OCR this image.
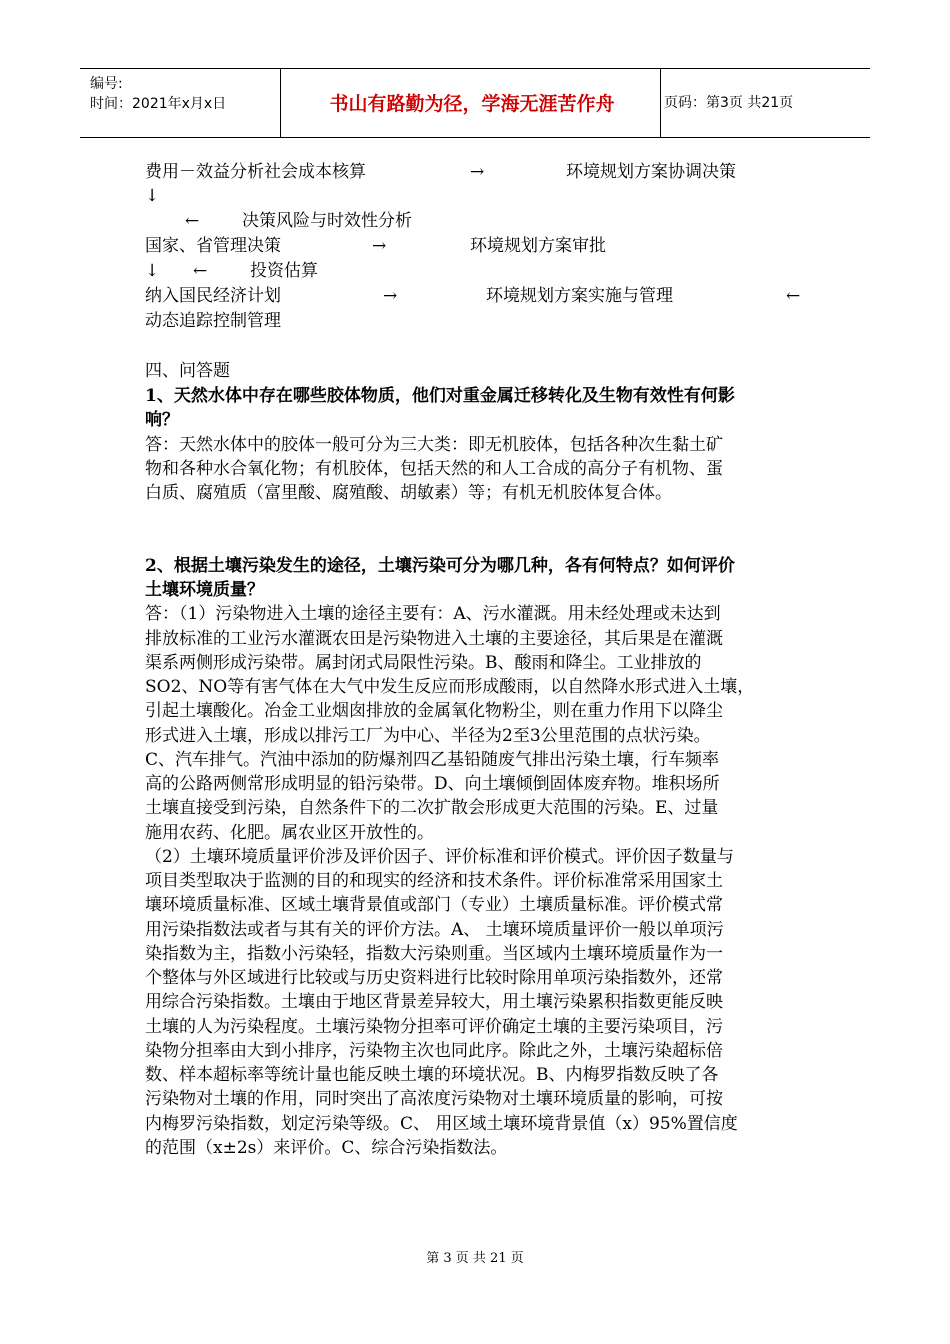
编号:
时间：2021年x月x日	书山有路勤为径，学海无涯苦作舟	页码：第3页 共21页
费用－效益分析社会成本核算	→	环境规划方案协调决策
↓
←	决策风险与时效性分析
国家、省管理决策	→	环境规划方案审批
↓ ←	投资估算
纳入国民经济计划	→	环境规划方案实施与管理	←
动态追踪控制管理
四、问答题
1、天然水体中存在哪些胶体物质，他们对重金属迁移转化及生物有效性有何影
响？
答：天然水体中的胶体一般可分为三大类：即无机胶体，包括各种次生黏土矿
物和各种水合氧化物；有机胶体，包括天然的和人工合成的高分子有机物、蛋
白质、腐殖质（富里酸、腐殖酸、胡敏素）等；有机无机胶体复合体。
2、根据土壤污染发生的途径，土壤污染可分为哪几种，各有何特点？如何评价
土壤环境质量？
答：（1）污染物进入土壤的途径主要有：A、污水灌溉。用未经处理或未达到
排放标准的工业污水灌溉农田是污染物进入土壤的主要途径，其后果是在灌溉
渠系两侧形成污染带。属封闭式局限性污染。B、酸雨和降尘。工业排放的
SO2、NO等有害气体在大气中发生反应而形成酸雨，以自然降水形式进入土壤，
引起土壤酸化。冶金工业烟囱排放的金属氧化物粉尘，则在重力作用下以降尘
形式进入土壤，形成以排污工厂为中心、半径为2至3公里范围的点状污染。
C、汽车排气。汽油中添加的防爆剂四乙基铅随废气排出污染土壤，行车频率
高的公路两侧常形成明显的铅污染带。D、向土壤倾倒固体废弃物。堆积场所
土壤直接受到污染，自然条件下的二次扩散会形成更大范围的污染。E、过量
施用农药、化肥。属农业区开放性的。
（2）土壤环境质量评价涉及评价因子、评价标准和评价模式。评价因子数量与
项目类型取决于监测的目的和现实的经济和技术条件。评价标准常采用国家土
壤环境质量标准、区域土壤背景值或部门（专业）土壤质量标准。评价模式常
用污染指数法或者与其有关的评价方法。A、 土壤环境质量评价一般以单项污
染指数为主，指数小污染轻，指数大污染则重。当区域内土壤环境质量作为一
个整体与外区域进行比较或与历史资料进行比较时除用单项污染指数外，还常
用综合污染指数。土壤由于地区背景差异较大，用土壤污染累积指数更能反映
土壤的人为污染程度。土壤污染物分担率可评价确定土壤的主要污染项目，污
染物分担率由大到小排序，污染物主次也同此序。除此之外，土壤污染超标倍
数、样本超标率等统计量也能反映土壤的环境状况。B、内梅罗指数反映了各
污染物对土壤的作用，同时突出了高浓度污染物对土壤环境质量的影响，可按
内梅罗污染指数，划定污染等级。C、 用区域土壤环境背景值（x）95%置信度
的范围（x±2s）来评价。C、综合污染指数法。
第 3 页 共 21 页
